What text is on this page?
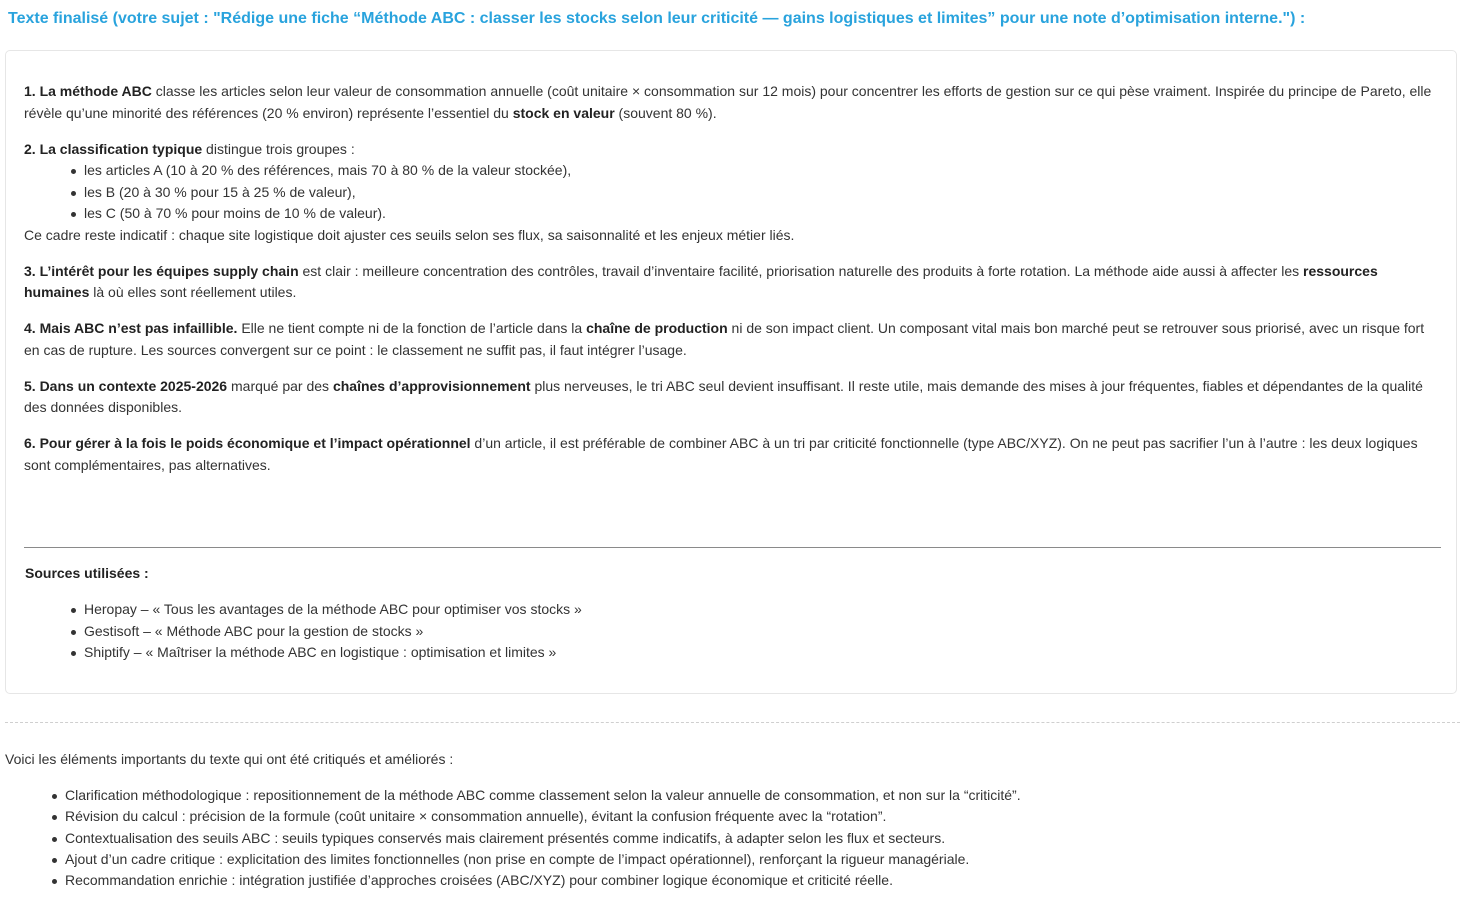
Texte finalisé (votre sujet : "Rédige une fiche “Méthode ABC : classer les stocks selon leur criticité — gains logistiques et limites” pour une note d’optimisation interne.") :

1. La méthode ABC classe les articles selon leur valeur de consommation annuelle (coût unitaire × consommation sur 12 mois) pour concentrer les efforts de gestion sur ce qui pèse vraiment. Inspirée du principe de Pareto, elle révèle qu’une minorité des références (20 % environ) représente l’essentiel du stock en valeur (souvent 80 %).

2. La classification typique distingue trois groupes :

les articles A (10 à 20 % des références, mais 70 à 80 % de la valeur stockée),
les B (20 à 30 % pour 15 à 25 % de valeur),
les C (50 à 70 % pour moins de 10 % de valeur).

Ce cadre reste indicatif : chaque site logistique doit ajuster ces seuils selon ses flux, sa saisonnalité et les enjeux métier liés.

3. L’intérêt pour les équipes supply chain est clair : meilleure concentration des contrôles, travail d’inventaire facilité, priorisation naturelle des produits à forte rotation. La méthode aide aussi à affecter les ressources humaines là où elles sont réellement utiles.

4. Mais ABC n’est pas infaillible. Elle ne tient compte ni de la fonction de l’article dans la chaîne de production ni de son impact client. Un composant vital mais bon marché peut se retrouver sous priorisé, avec un risque fort en cas de rupture. Les sources convergent sur ce point : le classement ne suffit pas, il faut intégrer l’usage.

5. Dans un contexte 2025-2026 marqué par des chaînes d’approvisionnement plus nerveuses, le tri ABC seul devient insuffisant. Il reste utile, mais demande des mises à jour fréquentes, fiables et dépendantes de la qualité des données disponibles.

6. Pour gérer à la fois le poids économique et l’impact opérationnel d’un article, il est préférable de combiner ABC à un tri par criticité fonctionnelle (type ABC/XYZ). On ne peut pas sacrifier l’un à l’autre : les deux logiques sont complémentaires, pas alternatives.

Sources utilisées :
Heropay – « Tous les avantages de la méthode ABC pour optimiser vos stocks »
Gestisoft – « Méthode ABC pour la gestion de stocks »
Shiptify – « Maîtriser la méthode ABC en logistique : optimisation et limites »

Voici les éléments importants du texte qui ont été critiqués et améliorés :

Clarification méthodologique : repositionnement de la méthode ABC comme classement selon la valeur annuelle de consommation, et non sur la “criticité”.
Révision du calcul : précision de la formule (coût unitaire × consommation annuelle), évitant la confusion fréquente avec la “rotation”.
Contextualisation des seuils ABC : seuils typiques conservés mais clairement présentés comme indicatifs, à adapter selon les flux et secteurs.
Ajout d’un cadre critique : explicitation des limites fonctionnelles (non prise en compte de l’impact opérationnel), renforçant la rigueur managériale.
Recommandation enrichie : intégration justifiée d’approches croisées (ABC/XYZ) pour combiner logique économique et criticité réelle.
